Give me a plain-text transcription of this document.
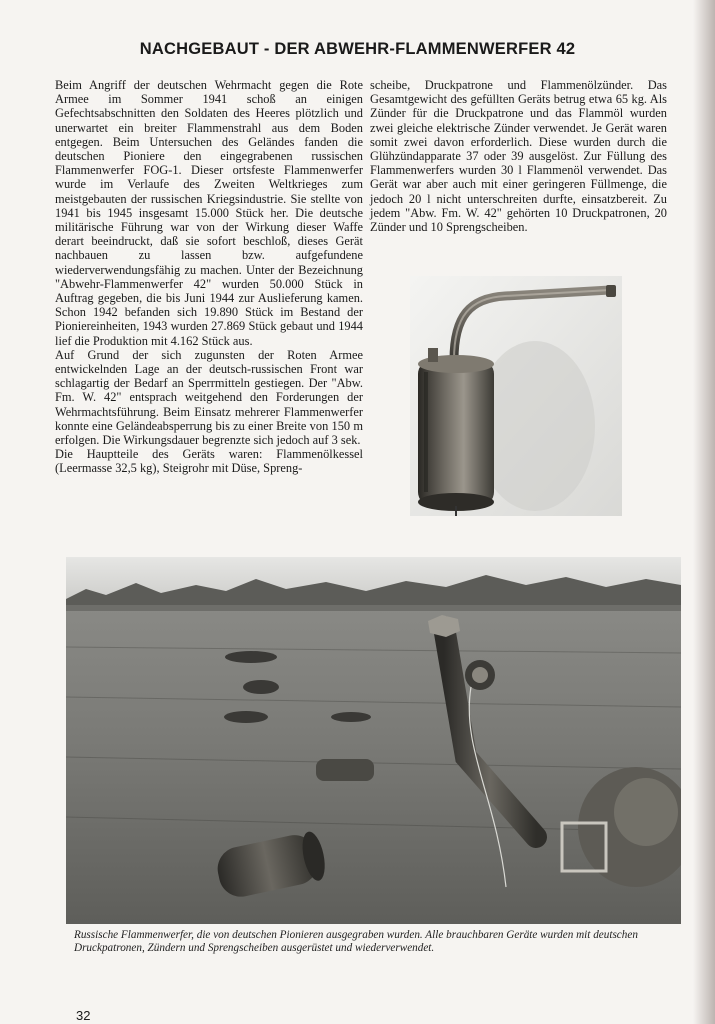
NACHGEBAUT - DER ABWEHR-FLAMMENWERFER 42

Beim Angriff der deutschen Wehrmacht gegen die Rote Armee im Sommer 1941 schoß an einigen Gefechtsabschnitten den Soldaten des Heeres plötzlich und unerwartet ein breiter Flammenstrahl aus dem Boden entgegen. Beim Untersuchen des Geländes fanden die deutschen Pioniere den eingegrabenen russischen Flammenwerfer FOG-1. Dieser ortsfeste Flammenwerfer wurde im Verlaufe des Zweiten Weltkrieges zum meistgebauten der russischen Kriegsindustrie. Sie stellte von 1941 bis 1945 insgesamt 15.000 Stück her. Die deutsche militärische Führung war von der Wirkung dieser Waffe derart beeindruckt, daß sie sofort beschloß, dieses Gerät nachbauen zu lassen bzw. aufgefundene wiederverwendungsfähig zu machen. Unter der Bezeichnung "Abwehr-Flammenwerfer 42" wurden 50.000 Stück in Auftrag gegeben, die bis Juni 1944 zur Auslieferung kamen. Schon 1942 befanden sich 19.890 Stück im Bestand der Pioniereinheiten, 1943 wurden 27.869 Stück gebaut und 1944 lief die Produktion mit 4.162 Stück aus.

Auf Grund der sich zugunsten der Roten Armee entwickelnden Lage an der deutsch-russischen Front war schlagartig der Bedarf an Sperrmitteln gestiegen. Der "Abw. Fm. W. 42" entsprach weitgehend den Forderungen der Wehrmachtsführung. Beim Einsatz mehrerer Flammenwerfer konnte eine Geländeabsperrung bis zu einer Breite von 150 m erfolgen. Die Wirkungsdauer begrenzte sich jedoch auf 3 sek.

Die Hauptteile des Geräts waren: Flammenölkessel (Leermasse 32,5 kg), Steigrohr mit Düse, Spreng-

scheibe, Druckpatrone und Flammenölzünder. Das Gesamtgewicht des gefüllten Geräts betrug etwa 65 kg. Als Zünder für die Druckpatrone und das Flammöl wurden zwei gleiche elektrische Zünder verwendet. Je Gerät waren somit zwei davon erforderlich. Diese wurden durch die Glühzündapparate 37 oder 39 ausgelöst. Zur Füllung des Flammenwerfers wurden 30 l Flammenöl verwendet. Das Gerät war aber auch mit einer geringeren Füllmenge, die jedoch 20 l nicht unterschreiten durfte, einsatzbereit. Zu jedem "Abw. Fm. W. 42" gehörten 10 Druckpatronen, 20 Zünder und 10 Sprengscheiben.

Russische Flammenwerfer, die von deutschen Pionieren ausgegraben wurden. Alle brauchbaren Geräte wurden mit deutschen Druckpatronen, Zündern und Sprengscheiben ausgerüstet und wiederverwendet.
32
